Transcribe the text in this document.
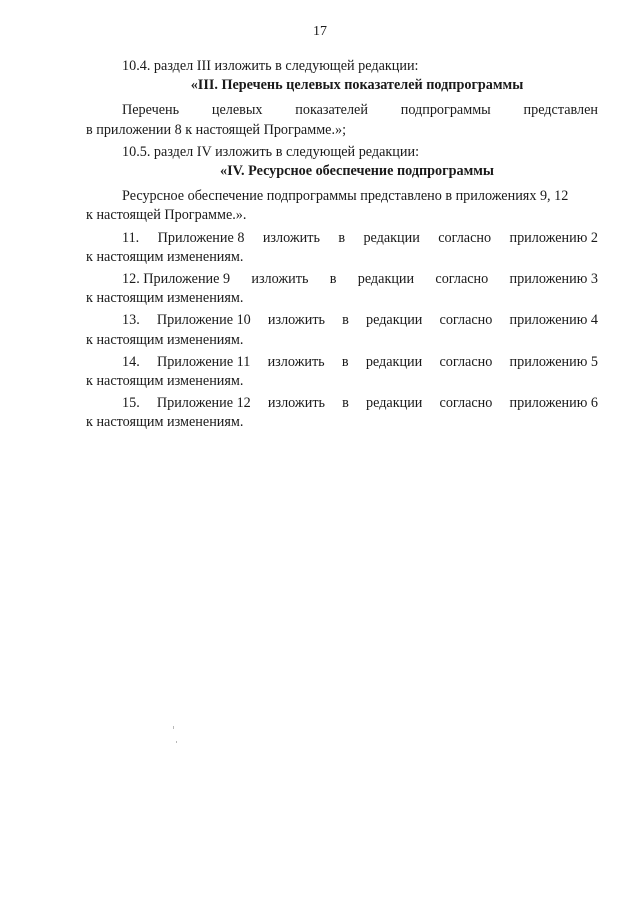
17

10.4. раздел III изложить в следующей редакции:

«III. Перечень целевых показателей подпрограммы

Перечень целевых показателей подпрограммы представлен

в приложении 8 к настоящей Программе.»;

10.5. раздел IV изложить в следующей редакции:

«IV. Ресурсное обеспечение подпрограммы

Ресурсное обеспечение подпрограммы представлено в приложениях 9, 12

к настоящей Программе.».

11. Приложение 8 изложить в редакции согласно приложению 2

к настоящим изменениям.

12. Приложение 9 изложить в редакции согласно приложению 3

к настоящим изменениям.

13. Приложение 10 изложить в редакции согласно приложению 4

к настоящим изменениям.

14. Приложение 11 изложить в редакции согласно приложению 5

к настоящим изменениям.

15. Приложение 12 изложить в редакции согласно приложению 6

к настоящим изменениям.
